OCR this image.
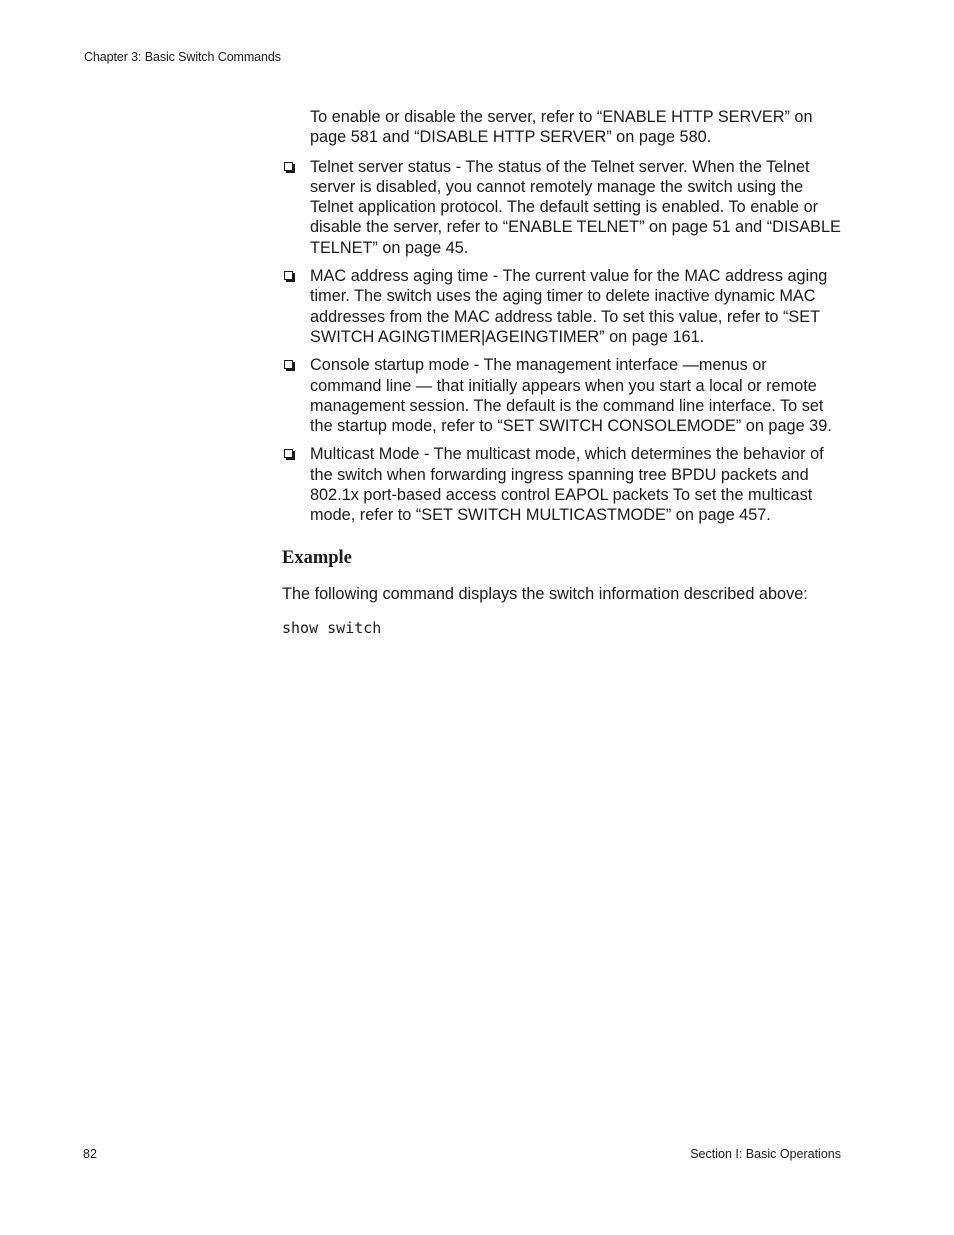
Chapter 3: Basic Switch Commands

To enable or disable the server, refer to “ENABLE HTTP SERVER” on page 581 and “DISABLE HTTP SERVER” on page 580.

Telnet server status - The status of the Telnet server. When the Telnet server is disabled, you cannot remotely manage the switch using the Telnet application protocol. The default setting is enabled. To enable or disable the server, refer to “ENABLE TELNET” on page 51 and “DISABLE TELNET” on page 45.
MAC address aging time - The current value for the MAC address aging timer. The switch uses the aging timer to delete inactive dynamic MAC addresses from the MAC address table. To set this value, refer to “SET SWITCH AGINGTIMER|AGEINGTIMER” on page 161.
Console startup mode - The management interface —menus or command line — that initially appears when you start a local or remote management session. The default is the command line interface. To set the startup mode, refer to “SET SWITCH CONSOLEMODE” on page 39.
Multicast Mode - The multicast mode, which determines the behavior of the switch when forwarding ingress spanning tree BPDU packets and 802.1x port-based access control EAPOL packets To set the multicast mode, refer to “SET SWITCH MULTICASTMODE” on page 457.
Example

The following command displays the switch information described above:

show switch
82	Section I: Basic Operations
